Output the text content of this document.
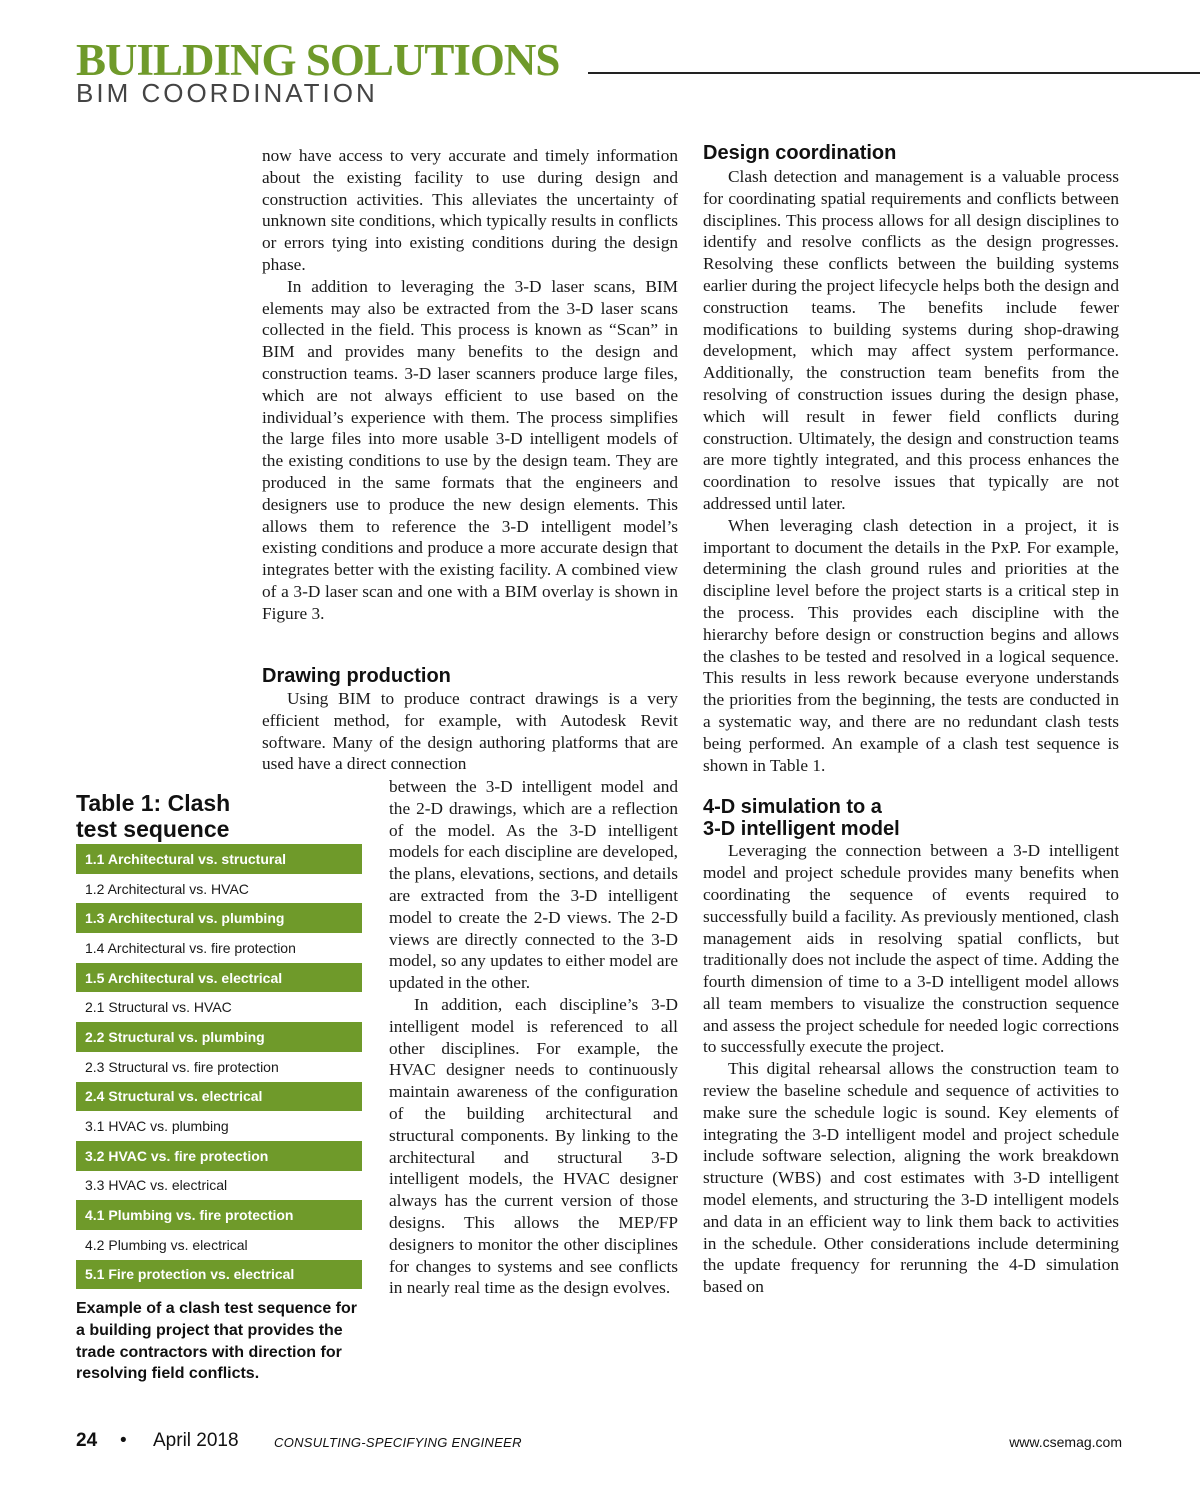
BUILDING SOLUTIONS
BIM COORDINATION

now have access to very accurate and timely information about the existing facility to use during design and construction activities. This alleviates the uncertainty of unknown site conditions, which typically results in conflicts or errors tying into existing conditions during the design phase.

In addition to leveraging the 3-D laser scans, BIM elements may also be extracted from the 3-D laser scans collected in the field. This process is known as “Scan” in BIM and provides many benefits to the design and construction teams. 3-D laser scanners produce large files, which are not always efficient to use based on the individual’s experience with them. The process simplifies the large files into more usable 3-D intelligent models of the existing conditions to use by the design team. They are produced in the same formats that the engineers and designers use to produce the new design elements. This allows them to reference the 3-D intelligent model’s existing conditions and produce a more accurate design that integrates better with the existing facility. A combined view of a 3-D laser scan and one with a BIM overlay is shown in Figure 3.

Drawing production

Using BIM to produce contract drawings is a very efficient method, for example, with Autodesk Revit software. Many of the design authoring platforms that are used have a direct connection

between the 3-D intelligent model and the 2-D drawings, which are a reflection of the model. As the 3-D intelligent models for each discipline are developed, the plans, elevations, sections, and details are extracted from the 3-D intelligent model to create the 2-D views. The 2-D views are directly connected to the 3-D model, so any updates to either model are updated in the other.

In addition, each discipline’s 3-D intelligent model is referenced to all other disciplines. For example, the HVAC designer needs to continuously maintain awareness of the configuration of the building architectural and structural components. By linking to the architectural and structural 3-D intelligent models, the HVAC designer always has the current version of those designs. This allows the MEP/FP designers to monitor the other disciplines for changes to systems and see conflicts in nearly real time as the design evolves.

Design coordination

Clash detection and management is a valuable process for coordinating spatial requirements and conflicts between disciplines. This process allows for all design disciplines to identify and resolve conflicts as the design progresses. Resolving these conflicts between the building systems earlier during the project lifecycle helps both the design and construction teams. The benefits include fewer modifications to building systems during shop-drawing development, which may affect system performance. Additionally, the construction team benefits from the resolving of construction issues during the design phase, which will result in fewer field conflicts during construction. Ultimately, the design and construction teams are more tightly integrated, and this process enhances the coordination to resolve issues that typically are not addressed until later.

When leveraging clash detection in a project, it is important to document the details in the PxP. For example, determining the clash ground rules and priorities at the discipline level before the project starts is a critical step in the process. This provides each discipline with the hierarchy before design or construction begins and allows the clashes to be tested and resolved in a logical sequence. This results in less rework because everyone understands the priorities from the beginning, the tests are conducted in a systematic way, and there are no redundant clash tests being performed. An example of a clash test sequence is shown in Table 1.

4-D simulation to a
3-D intelligent model

Leveraging the connection between a 3-D intelligent model and project schedule provides many benefits when coordinating the sequence of events required to successfully build a facility. As previously mentioned, clash management aids in resolving spatial conflicts, but traditionally does not include the aspect of time. Adding the fourth dimension of time to a 3-D intelligent model allows all team members to visualize the construction sequence and assess the project schedule for needed logic corrections to successfully execute the project.

This digital rehearsal allows the construction team to review the baseline schedule and sequence of activities to make sure the schedule logic is sound. Key elements of integrating the 3-D intelligent model and project schedule include software selection, aligning the work breakdown structure (WBS) and cost estimates with 3-D intelligent model elements, and structuring the 3-D intelligent models and data in an efficient way to link them back to activities in the schedule. Other considerations include determining the update frequency for rerunning the 4-D simulation based on

Table 1: Clash
test sequence
1.1 Architectural vs. structural
1.2 Architectural vs. HVAC
1.3 Architectural vs. plumbing
1.4 Architectural vs. fire protection
1.5 Architectural vs. electrical
2.1 Structural vs. HVAC
2.2 Structural vs. plumbing
2.3 Structural vs. fire protection
2.4 Structural vs. electrical
3.1 HVAC vs. plumbing
3.2 HVAC vs. fire protection
3.3 HVAC vs. electrical
4.1 Plumbing vs. fire protection
4.2 Plumbing vs. electrical
5.1 Fire protection vs. electrical
Example of a clash test sequence for a building project that provides the trade contractors with direction for resolving field conflicts.
24 • April 2018	CONSULTING-SPECIFYING ENGINEER	www.csemag.com
